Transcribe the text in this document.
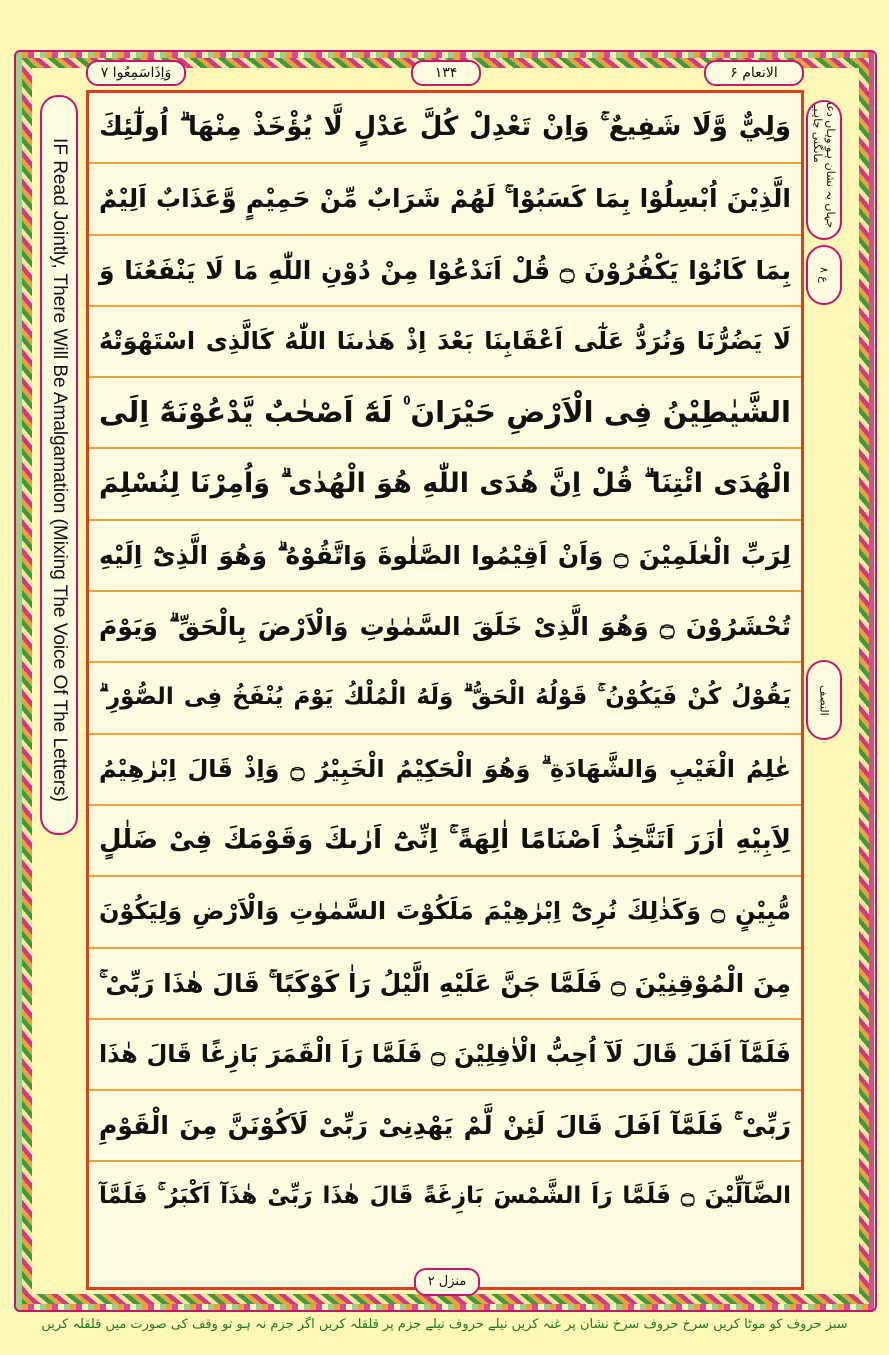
IF Read Jointly, There Will Be Amalgamation (Mixing The Voice Of The Letters)	جہاں یہ نشان ہو وہاں دعا مانگنی چاہیے
ع ۸
النصف
الانعام ۶
۱۳۴
وَاِذَاسَمِعُوا ۷
وَلِيٌّ وَّلَا شَفِيعٌ ۚ وَاِنْ تَعْدِلْ كُلَّ عَدْلٍ لَّا يُؤْخَذْ مِنْهَا ۗ اُولٰٓئِكَ
الَّذِيْنَ اُبْسِلُوْا بِمَا كَسَبُوْا ۚ لَهُمْ شَرَابٌ مِّنْ حَمِيْمٍ وَّعَذَابٌ اَلِيْمٌ
بِمَا كَانُوْا يَكْفُرُوْنَ ۝ قُلْ اَنَدْعُوْا مِنْ دُوْنِ اللّٰهِ مَا لَا يَنْفَعُنَا وَ
لَا يَضُرُّنَا وَنُرَدُّ عَلٰٓى اَعْقَابِنَا بَعْدَ اِذْ هَدٰىنَا اللّٰهُ كَالَّذِى اسْتَهْوَتْهُ
الشَّيٰطِيْنُ فِى الْاَرْضِ حَيْرَانَ ۠ لَهٗٓ اَصْحٰبٌ يَّدْعُوْنَهٗٓ اِلَى
الْهُدَى ائْتِنَا ۗ قُلْ اِنَّ هُدَى اللّٰهِ هُوَ الْهُدٰى ۗ وَاُمِرْنَا لِنُسْلِمَ
لِرَبِّ الْعٰلَمِيْنَ ۝ وَاَنْ اَقِيْمُوا الصَّلٰوةَ وَاتَّقُوْهُ ۗ وَهُوَ الَّذِىْٓ اِلَيْهِ
تُحْشَرُوْنَ ۝ وَهُوَ الَّذِىْ خَلَقَ السَّمٰوٰتِ وَالْاَرْضَ بِالْحَقِّ ۗ وَيَوْمَ
يَقُوْلُ كُنْ فَيَكُوْنُ ۚ قَوْلُهُ الْحَقُّ ۗ وَلَهُ الْمُلْكُ يَوْمَ يُنْفَخُ فِى الصُّوْرِ ۗ
عٰلِمُ الْغَيْبِ وَالشَّهَادَةِ ۗ وَهُوَ الْحَكِيْمُ الْخَبِيْرُ ۝ وَاِذْ قَالَ اِبْرٰهِيْمُ
لِاَبِيْهِ اٰزَرَ اَتَتَّخِذُ اَصْنَامًا اٰلِهَةً ۚ اِنِّىْٓ اَرٰىكَ وَقَوْمَكَ فِىْ ضَلٰلٍ
مُّبِيْنٍ ۝ وَكَذٰلِكَ نُرِىْٓ اِبْرٰهِيْمَ مَلَكُوْتَ السَّمٰوٰتِ وَالْاَرْضِ وَلِيَكُوْنَ
مِنَ الْمُوْقِنِيْنَ ۝ فَلَمَّا جَنَّ عَلَيْهِ الَّيْلُ رَاٰ كَوْكَبًا ۚ قَالَ هٰذَا رَبِّىْ ۚ
فَلَمَّآ اَفَلَ قَالَ لَآ اُحِبُّ الْاٰفِلِيْنَ ۝ فَلَمَّا رَاَ الْقَمَرَ بَازِغًا قَالَ هٰذَا
رَبِّىْ ۚ فَلَمَّآ اَفَلَ قَالَ لَئِنْ لَّمْ يَهْدِنِىْ رَبِّىْ لَاَكُوْنَنَّ مِنَ الْقَوْمِ
الضَّآلِّيْنَ ۝ فَلَمَّا رَاَ الشَّمْسَ بَازِغَةً قَالَ هٰذَا رَبِّىْ هٰذَآ اَكْبَرُ ۚ فَلَمَّآ
منزل ۲
سبز حروف کو موٹا کریں سرخ حروف سرخ نشان پر غنہ کریں نیلے حروف نیلے جزم پر قلقلہ کریں اگر جزم نہ ہو تو وقف کی صورت میں قلقلہ کریں
